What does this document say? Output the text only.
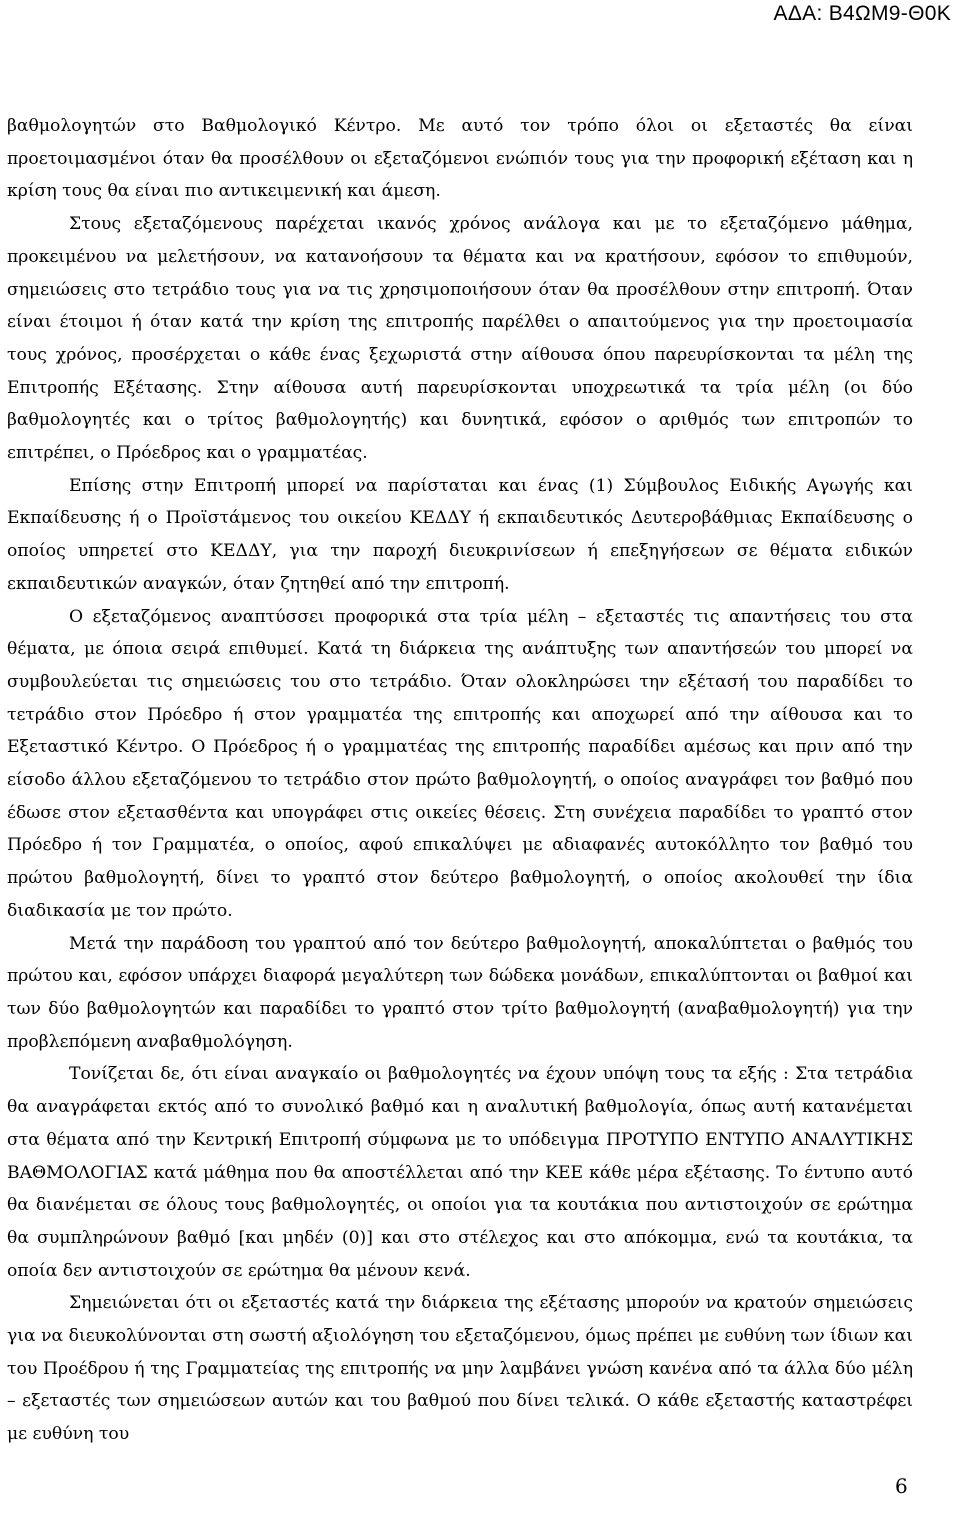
ΑΔΑ: Β4ΩΜ9-Θ0Κ

βαθμολογητών στο Βαθμολογικό Κέντρο. Με αυτό τον τρόπο όλοι οι εξεταστές θα είναι προετοιμασμένοι όταν θα προσέλθουν οι εξεταζόμενοι ενώπιόν τους για την προφορική εξέταση και η κρίση τους θα είναι πιο αντικειμενική και άμεση.

Στους εξεταζόμενους παρέχεται ικανός χρόνος ανάλογα και με το εξεταζόμενο μάθημα, προκειμένου να μελετήσουν, να κατανοήσουν τα θέματα και να κρατήσουν, εφόσον το επιθυμούν, σημειώσεις στο τετράδιο τους για να τις χρησιμοποιήσουν όταν θα προσέλθουν στην επιτροπή. Όταν είναι έτοιμοι ή όταν κατά την κρίση της επιτροπής παρέλθει ο απαιτούμενος για την προετοιμασία τους χρόνος, προσέρχεται ο κάθε ένας ξεχωριστά στην αίθουσα όπου παρευρίσκονται τα μέλη της Επιτροπής Εξέτασης. Στην αίθουσα αυτή παρευρίσκονται υποχρεωτικά τα τρία μέλη (οι δύο βαθμολογητές και ο τρίτος βαθμολογητής) και δυνητικά, εφόσον ο αριθμός των επιτροπών το επιτρέπει, ο Πρόεδρος και ο γραμματέας.

Επίσης στην Επιτροπή μπορεί να παρίσταται και ένας (1) Σύμβουλος Ειδικής Αγωγής και Εκπαίδευσης ή ο Προϊστάμενος του οικείου ΚΕΔΔΥ ή εκπαιδευτικός Δευτεροβάθμιας Εκπαίδευσης ο οποίος υπηρετεί στο ΚΕΔΔΥ, για την παροχή διευκρινίσεων ή επεξηγήσεων σε θέματα ειδικών εκπαιδευτικών αναγκών, όταν ζητηθεί από την επιτροπή.

Ο εξεταζόμενος αναπτύσσει προφορικά στα τρία μέλη – εξεταστές τις απαντήσεις του στα θέματα, με όποια σειρά επιθυμεί. Κατά τη διάρκεια της ανάπτυξης των απαντήσεών του μπορεί να συμβουλεύεται τις σημειώσεις του στο τετράδιο. Όταν ολοκληρώσει την εξέτασή του παραδίδει το τετράδιο στον Πρόεδρο ή στον γραμματέα της επιτροπής και αποχωρεί από την αίθουσα και το Εξεταστικό Κέντρο. Ο Πρόεδρος ή ο γραμματέας της επιτροπής παραδίδει αμέσως και πριν από την είσοδο άλλου εξεταζόμενου το τετράδιο στον πρώτο βαθμολογητή, ο οποίος αναγράφει τον βαθμό που έδωσε στον εξετασθέντα και υπογράφει στις οικείες θέσεις. Στη συνέχεια παραδίδει το γραπτό στον Πρόεδρο ή τον Γραμματέα, ο οποίος, αφού επικαλύψει με αδιαφανές αυτοκόλλητο τον βαθμό του πρώτου βαθμολογητή, δίνει το γραπτό στον δεύτερο βαθμολογητή, ο οποίος ακολουθεί την ίδια διαδικασία με τον πρώτο.

Μετά την παράδοση του γραπτού από τον δεύτερο βαθμολογητή, αποκαλύπτεται ο βαθμός του πρώτου και, εφόσον υπάρχει διαφορά μεγαλύτερη των δώδεκα μονάδων, επικαλύπτονται οι βαθμοί και των δύο βαθμολογητών και παραδίδει το γραπτό στον τρίτο βαθμολογητή (αναβαθμολογητή) για την προβλεπόμενη αναβαθμολόγηση.

Τονίζεται δε, ότι είναι αναγκαίο οι βαθμολογητές να έχουν υπόψη τους τα εξής : Στα τετράδια θα αναγράφεται εκτός από το συνολικό βαθμό και η αναλυτική βαθμολογία, όπως αυτή κατανέμεται στα θέματα από την Κεντρική Επιτροπή σύμφωνα με το υπόδειγμα ΠΡΟΤΥΠΟ ΕΝΤΥΠΟ ΑΝΑΛΥΤΙΚΗΣ ΒΑΘΜΟΛΟΓΙΑΣ κατά μάθημα που θα αποστέλλεται από την ΚΕΕ κάθε μέρα εξέτασης. Το έντυπο αυτό θα διανέμεται σε όλους τους βαθμολογητές, οι οποίοι για τα κουτάκια που αντιστοιχούν σε ερώτημα θα συμπληρώνουν βαθμό [και μηδέν (0)] και στο στέλεχος και στο απόκομμα, ενώ τα κουτάκια, τα οποία δεν αντιστοιχούν σε ερώτημα θα μένουν κενά.

Σημειώνεται ότι οι εξεταστές κατά την διάρκεια της εξέτασης μπορούν να κρατούν σημειώσεις για να διευκολύνονται στη σωστή αξιολόγηση του εξεταζόμενου, όμως πρέπει με ευθύνη των ίδιων και του Προέδρου ή της Γραμματείας της επιτροπής να μην λαμβάνει γνώση κανένα από τα άλλα δύο μέλη – εξεταστές των σημειώσεων αυτών και του βαθμού που δίνει τελικά. Ο κάθε εξεταστής καταστρέφει με ευθύνη του

6
